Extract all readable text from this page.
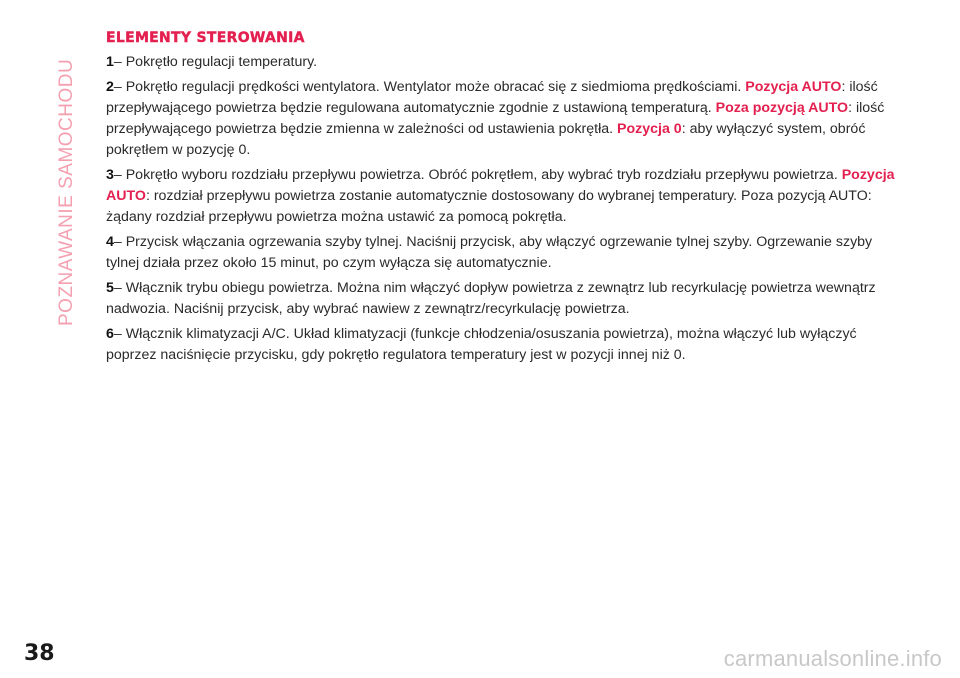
POZNAWANIE SAMOCHODU
ELEMENTY STEROWANIA

1– Pokrętło regulacji temperatury.

2– Pokrętło regulacji prędkości wentylatora. Wentylator może obracać się z siedmioma prędkościami. Pozycja AUTO: ilość przepływającego powietrza będzie regulowana automatycznie zgodnie z ustawioną temperaturą. Poza pozycją AUTO: ilość przepływającego powietrza będzie zmienna w zależności od ustawienia pokrętła. Pozycja 0: aby wyłączyć system, obróć pokrętłem w pozycję 0.

3– Pokrętło wyboru rozdziału przepływu powietrza. Obróć pokrętłem, aby wybrać tryb rozdziału przepływu powietrza. Pozycja AUTO: rozdział przepływu powietrza zostanie automatycznie dostosowany do wybranej temperatury. Poza pozycją AUTO: żądany rozdział przepływu powietrza można ustawić za pomocą pokrętła.

4– Przycisk włączania ogrzewania szyby tylnej. Naciśnij przycisk, aby włączyć ogrzewanie tylnej szyby. Ogrzewanie szyby tylnej działa przez około 15 minut, po czym wyłącza się automatycznie.

5– Włącznik trybu obiegu powietrza. Można nim włączyć dopływ powietrza z zewnątrz lub recyrkulację powietrza wewnątrz nadwozia. Naciśnij przycisk, aby wybrać nawiew z zewnątrz/recyrkulację powietrza.

6– Włącznik klimatyzacji A/C. Układ klimatyzacji (funkcje chłodzenia/osuszania powietrza), można włączyć lub wyłączyć poprzez naciśnięcie przycisku, gdy pokrętło regulatora temperatury jest w pozycji innej niż 0.

38	carmanualsonline.info
